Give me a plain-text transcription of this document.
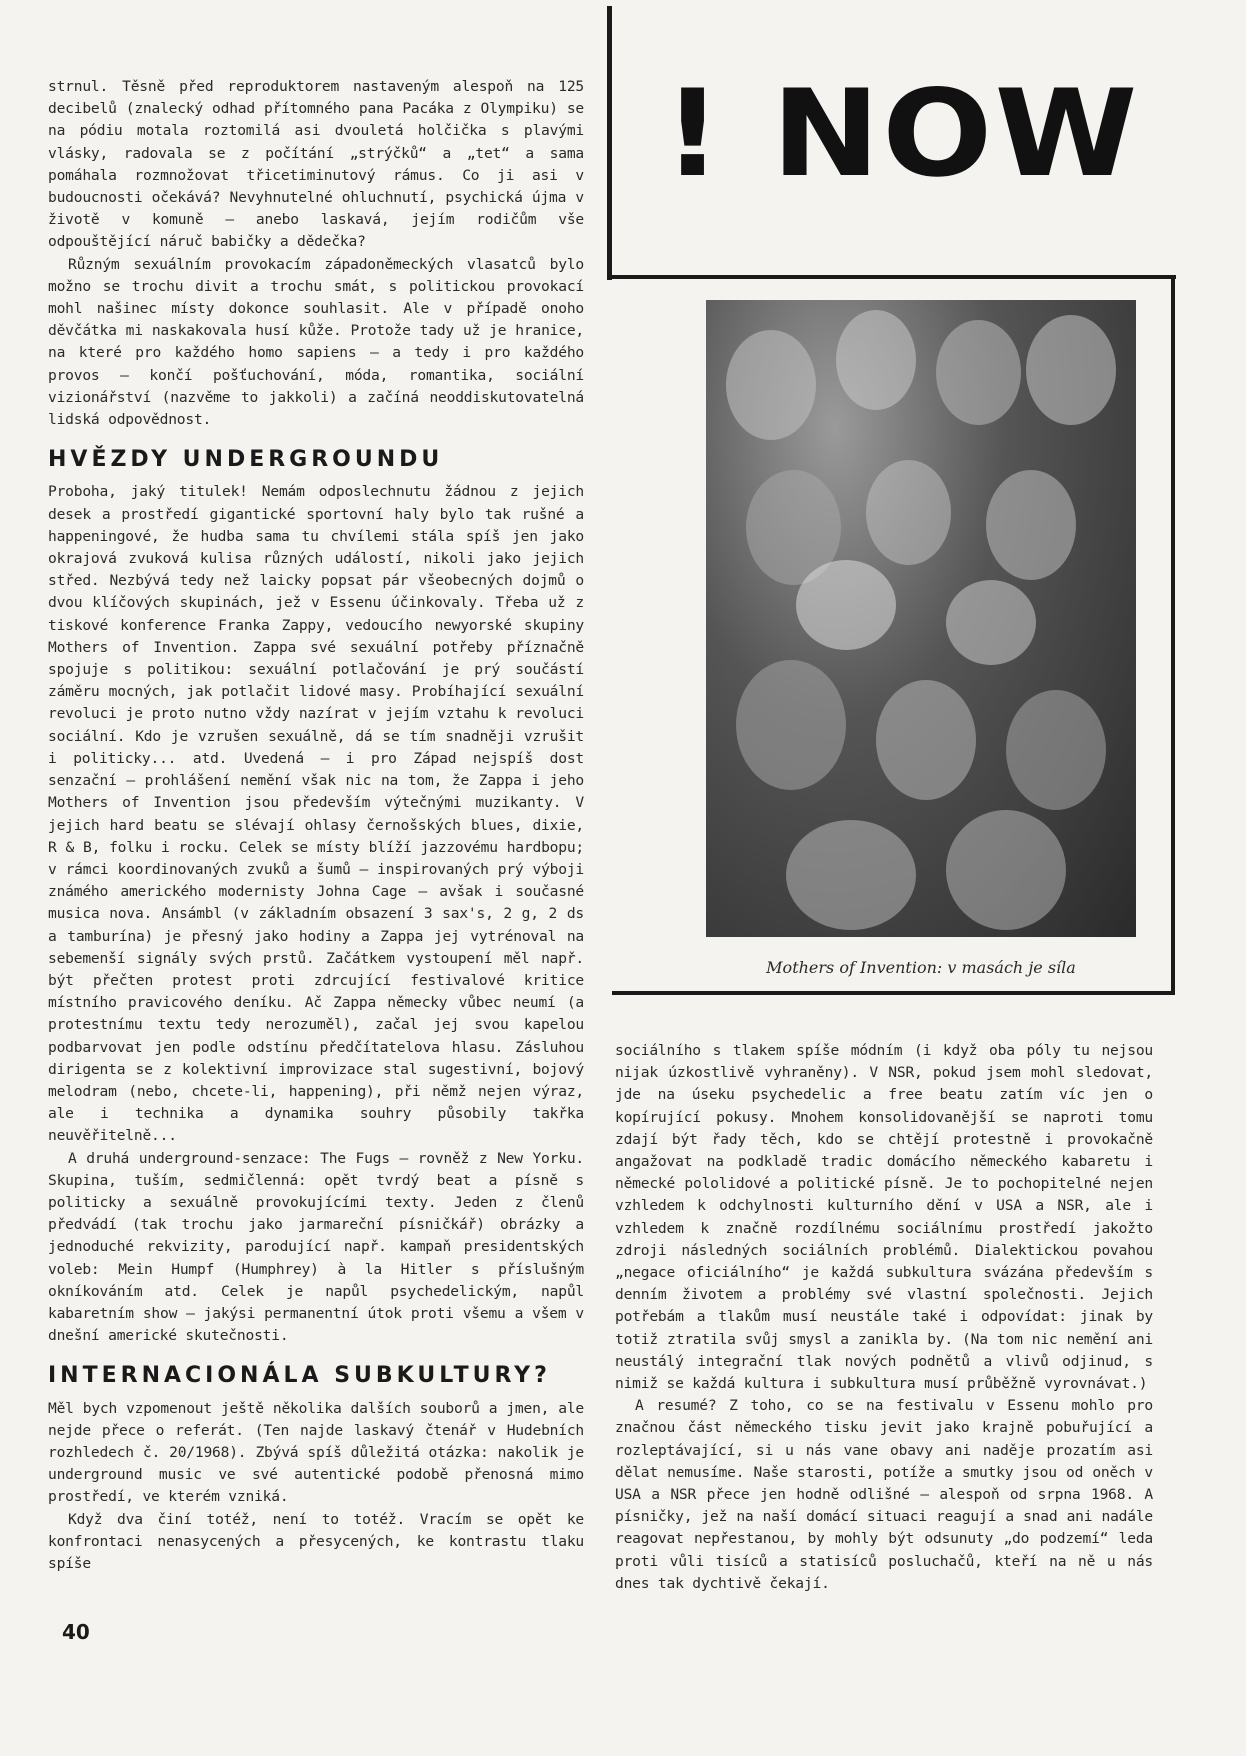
! NOW

strnul. Těsně před reproduktorem nastaveným alespoň na 125 decibelů (znalecký odhad přítomného pana Pacáka z Olympiku) se na pódiu motala roztomilá asi dvouletá holčička s plavými vlásky, radovala se z počítání „strýčků“ a „tet“ a sama pomáhala rozmnožovat třicetiminutový rámus. Co ji asi v budoucnosti očekává? Nevyhnutelné ohluchnutí, psychická újma v životě v komuně — anebo laskavá, jejím rodičům vše odpouštějící náruč babičky a dědečka?

Různým sexuálním provokacím západoněmeckých vlasatců bylo možno se trochu divit a trochu smát, s politickou provokací mohl našinec místy dokonce souhlasit. Ale v případě onoho děvčátka mi naskakovala husí kůže. Protože tady už je hranice, na které pro každého homo sapiens — a tedy i pro každého provos — končí pošťuchování, móda, romantika, sociální vizionářství (nazvěme to jakkoli) a začíná neoddiskutovatelná lidská odpovědnost.

HVĚZDY UNDERGROUNDU

Proboha, jaký titulek! Nemám odposlechnutu žádnou z jejich desek a prostředí gigantické sportovní haly bylo tak rušné a happeningové, že hudba sama tu chvílemi stála spíš jen jako okrajová zvuková kulisa různých událostí, nikoli jako jejich střed. Nezbývá tedy než laicky popsat pár všeobecných dojmů o dvou klíčových skupinách, jež v Essenu účinkovaly. Třeba už z tiskové konference Franka Zappy, vedoucího newyorské skupiny Mothers of Invention. Zappa své sexuální potřeby příznačně spojuje s politikou: sexuální potlačování je prý součástí záměru mocných, jak potlačit lidové masy. Probíhající sexuální revoluci je proto nutno vždy nazírat v jejím vztahu k revoluci sociální. Kdo je vzrušen sexuálně, dá se tím snadněji vzrušit i politicky... atd. Uvedená — i pro Západ nejspíš dost senzační — prohlášení nemění však nic na tom, že Zappa i jeho Mothers of Invention jsou především výtečnými muzikanty. V jejich hard beatu se slévají ohlasy černošských blues, dixie, R & B, folku i rocku. Celek se místy blíží jazzovému hardbopu; v rámci koordinovaných zvuků a šumů — inspirovaných prý výboji známého amerického modernisty Johna Cage — avšak i současné musica nova. Ansámbl (v základním obsazení 3 sax's, 2 g, 2 ds a tamburína) je přesný jako hodiny a Zappa jej vytrénoval na sebemenší signály svých prstů. Začátkem vystoupení měl např. být přečten protest proti zdrcující festivalové kritice místního pravicového deníku. Ač Zappa německy vůbec neumí (a protestnímu textu tedy nerozuměl), začal jej svou kapelou podbarvovat jen podle odstínu předčítatelova hlasu. Zásluhou dirigenta se z kolektivní improvizace stal sugestivní, bojový melodram (nebo, chcete-li, happening), při němž nejen výraz, ale i technika a dynamika souhry působily takřka neuvěřitelně...

A druhá underground-senzace: The Fugs — rovněž z New Yorku. Skupina, tuším, sedmičlenná: opět tvrdý beat a písně s politicky a sexuálně provokujícími texty. Jeden z členů předvádí (tak trochu jako jarmareční písničkář) obrázky a jednoduché rekvizity, parodující např. kampaň presidentských voleb: Mein Humpf (Humphrey) à la Hitler s příslušným okníkováním atd. Celek je napůl psychedelickým, napůl kabaretním show — jakýsi permanentní útok proti všemu a všem v dnešní americké skutečnosti.

INTERNACIONÁLA SUBKULTURY?

Měl bych vzpomenout ještě několika dalších souborů a jmen, ale nejde přece o referát. (Ten najde laskavý čtenář v Hudebních rozhledech č. 20/1968). Zbývá spíš důležitá otázka: nakolik je underground music ve své autentické podobě přenosná mimo prostředí, ve kterém vzniká.

Když dva činí totéž, není to totéž. Vracím se opět ke konfrontaci nenasycených a přesycených, ke kontrastu tlaku spíše

Mothers of Invention: v masách je síla

sociálního s tlakem spíše módním (i když oba póly tu nejsou nijak úzkostlivě vyhraněny). V NSR, pokud jsem mohl sledovat, jde na úseku psychedelic a free beatu zatím víc jen o kopírující pokusy. Mnohem konsolidovanější se naproti tomu zdají být řady těch, kdo se chtějí protestně i provokačně angažovat na podkladě tradic domácího německého kabaretu i německé pololidové a politické písně. Je to pochopitelné nejen vzhledem k odchylnosti kulturního dění v USA a NSR, ale i vzhledem k značně rozdílnému sociálnímu prostředí jakožto zdroji následných sociálních problémů. Dialektickou povahou „negace oficiálního“ je každá subkultura svázána především s denním životem a problémy své vlastní společnosti. Jejich potřebám a tlakům musí neustále také i odpovídat: jinak by totiž ztratila svůj smysl a zanikla by. (Na tom nic nemění ani neustálý integrační tlak nových podnětů a vlivů odjinud, s nimiž se každá kultura i subkultura musí průběžně vyrovnávat.)

A resumé? Z toho, co se na festivalu v Essenu mohlo pro značnou část německého tisku jevit jako krajně pobuřující a rozleptávající, si u nás vane obavy ani naděje prozatím asi dělat nemusíme. Naše starosti, potíže a smutky jsou od oněch v USA a NSR přece jen hodně odlišné — alespoň od srpna 1968. A písničky, jež na naší domácí situaci reagují a snad ani nadále reagovat nepřestanou, by mohly být odsunuty „do podzemí“ leda proti vůli tisíců a statisíců posluchačů, kteří na ně u nás dnes tak dychtivě čekají.

40
